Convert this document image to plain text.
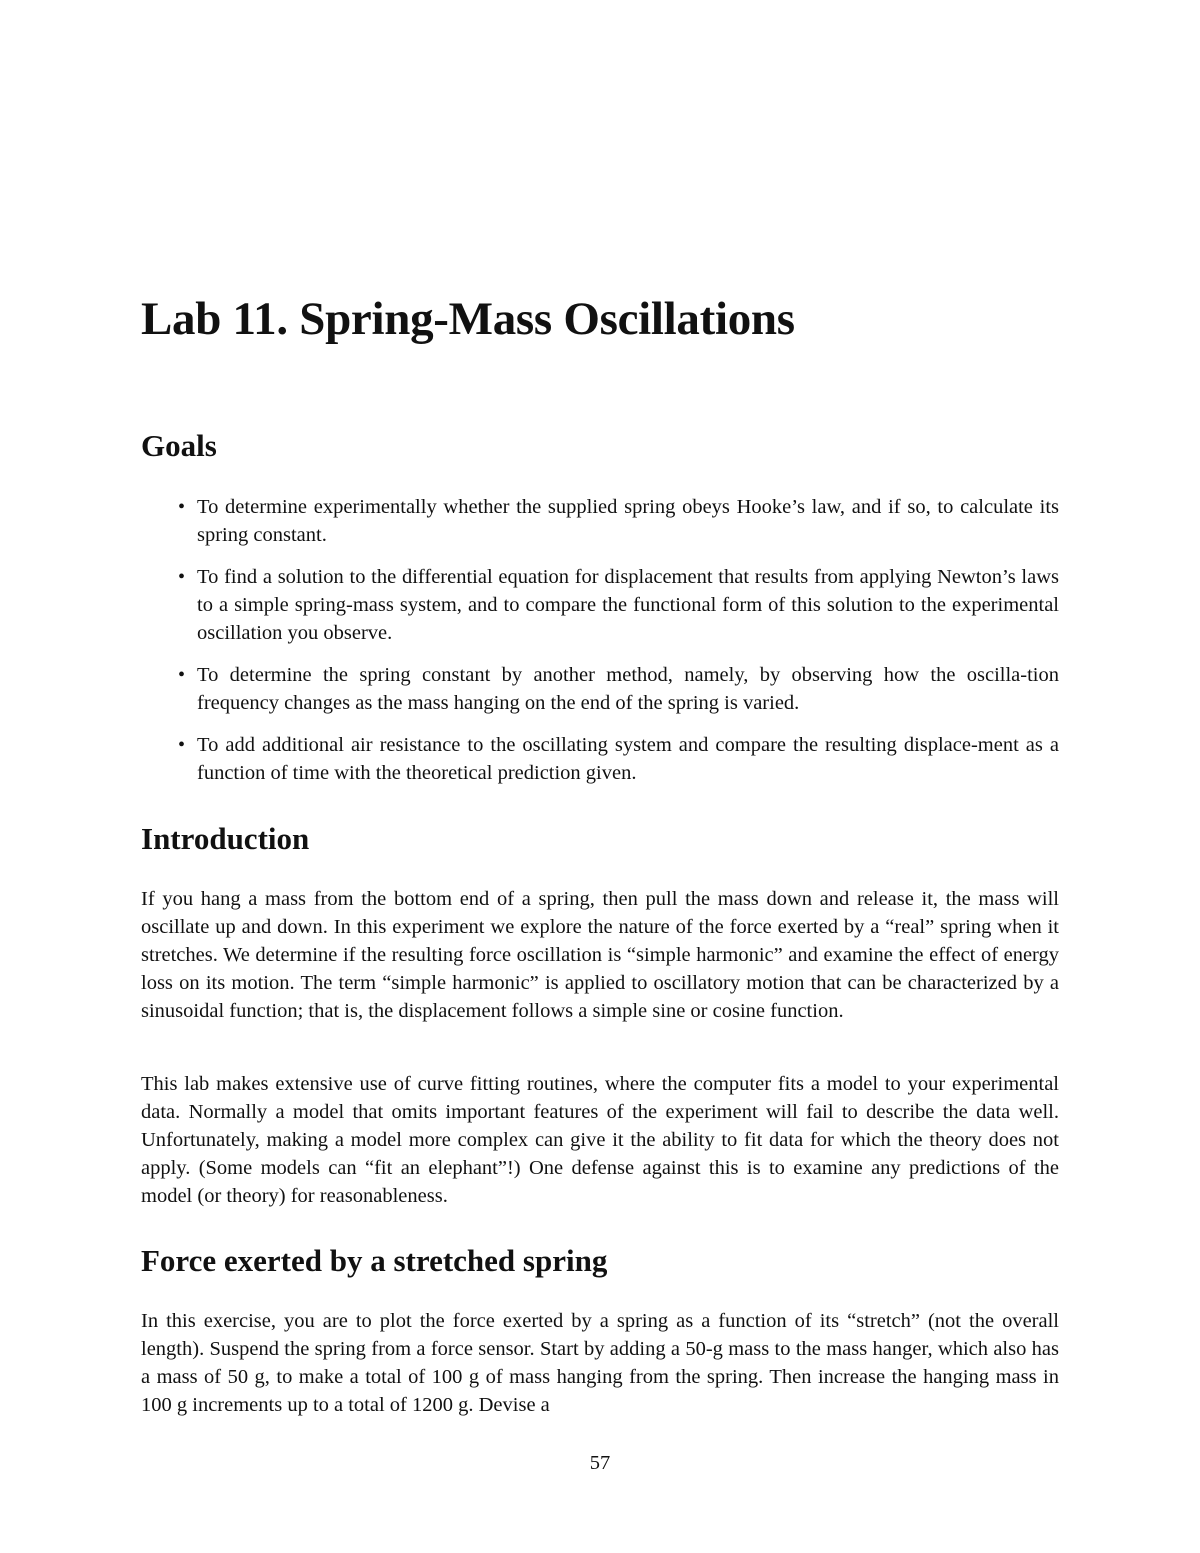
Lab 11. Spring-Mass Oscillations
Goals
• To determine experimentally whether the supplied spring obeys Hooke’s law, and if so, to calculate its spring constant.
• To find a solution to the differential equation for displacement that results from applying Newton’s laws to a simple spring-mass system, and to compare the functional form of this solution to the experimental oscillation you observe.
• To determine the spring constant by another method, namely, by observing how the oscilla-tion frequency changes as the mass hanging on the end of the spring is varied.
• To add additional air resistance to the oscillating system and compare the resulting displace-ment as a function of time with the theoretical prediction given.
Introduction

If you hang a mass from the bottom end of a spring, then pull the mass down and release it, the mass will oscillate up and down. In this experiment we explore the nature of the force exerted by a “real” spring when it stretches. We determine if the resulting force oscillation is “simple harmonic” and examine the effect of energy loss on its motion. The term “simple harmonic” is applied to oscillatory motion that can be characterized by a sinusoidal function; that is, the displacement follows a simple sine or cosine function.

This lab makes extensive use of curve fitting routines, where the computer fits a model to your experimental data. Normally a model that omits important features of the experiment will fail to describe the data well. Unfortunately, making a model more complex can give it the ability to fit data for which the theory does not apply. (Some models can “fit an elephant”!) One defense against this is to examine any predictions of the model (or theory) for reasonableness.

Force exerted by a stretched spring

In this exercise, you are to plot the force exerted by a spring as a function of its “stretch” (not the overall length). Suspend the spring from a force sensor. Start by adding a 50-g mass to the mass hanger, which also has a mass of 50 g, to make a total of 100 g of mass hanging from the spring. Then increase the hanging mass in 100 g increments up to a total of 1200 g. Devise a

57
